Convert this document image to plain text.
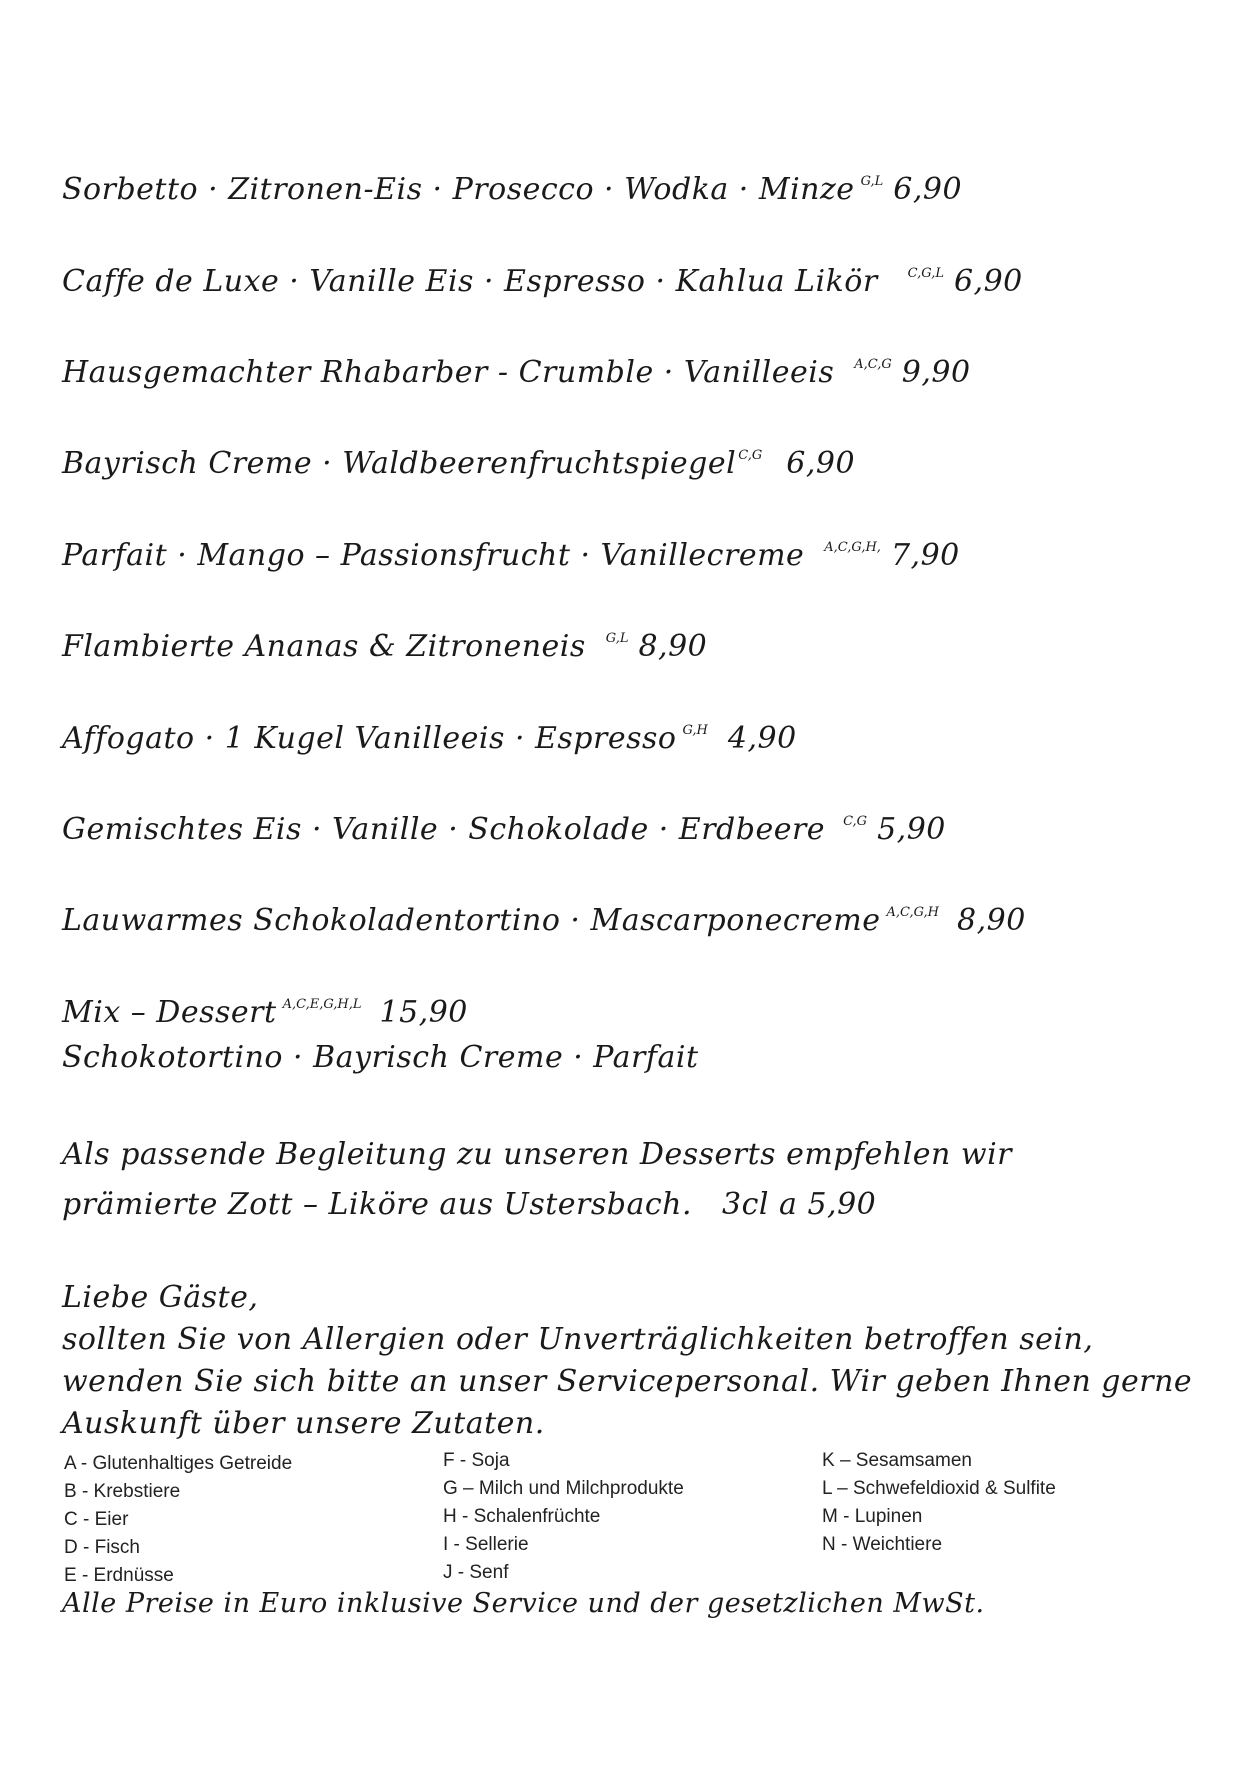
Sorbetto · Zitronen-Eis · Prosecco · Wodka · Minze $^{G,L}$ 6,90
Caffe de Luxe · Vanille Eis · Espresso · Kahlua Likör $^{C,G,L}$ 6,90
Hausgemachter Rhabarber - Crumble · Vanilleeis $^{A,C,G}$ 9,90
Bayrisch Creme · Waldbeerenfruchtspiegel $^{C,G}$ 6,90
Parfait · Mango – Passionsfrucht · Vanillecreme $^{A,C,G,H,}$ 7,90
Flambierte Ananas & Zitroneneis $^{G,L}$ 8,90
Affogato · 1 Kugel Vanilleeis · Espresso $^{G,H}$ 4,90
Gemischtes Eis · Vanille · Schokolade · Erdbeere $^{C,G}$ 5,90
Lauwarmes Schokoladentortino · Mascarponecreme $^{A,C,G,H}$ 8,90
Mix – Dessert $^{A,C,E,G,H,L}$ 15,90
Schokotortino · Bayrisch Creme · Parfait
Als passende Begleitung zu unseren Desserts empfehlen wir
prämierte Zott – Liköre aus Ustersbach. 3cl a 5,90
Liebe Gäste,
sollten Sie von Allergien oder Unverträglichkeiten betroffen sein,
wenden Sie sich bitte an unser Servicepersonal. Wir geben Ihnen gerne
Auskunft über unsere Zutaten.
A - Glutenhaltiges Getreide
B - Krebstiere
C - Eier
D - Fisch
E - Erdnüsse
F - Soja
G – Milch und Milchprodukte
H - Schalenfrüchte
I - Sellerie
J - Senf
K – Sesamsamen
L – Schwefeldioxid & Sulfite
M - Lupinen
N - Weichtiere
Alle Preise in Euro inklusive Service und der gesetzlichen MwSt.
